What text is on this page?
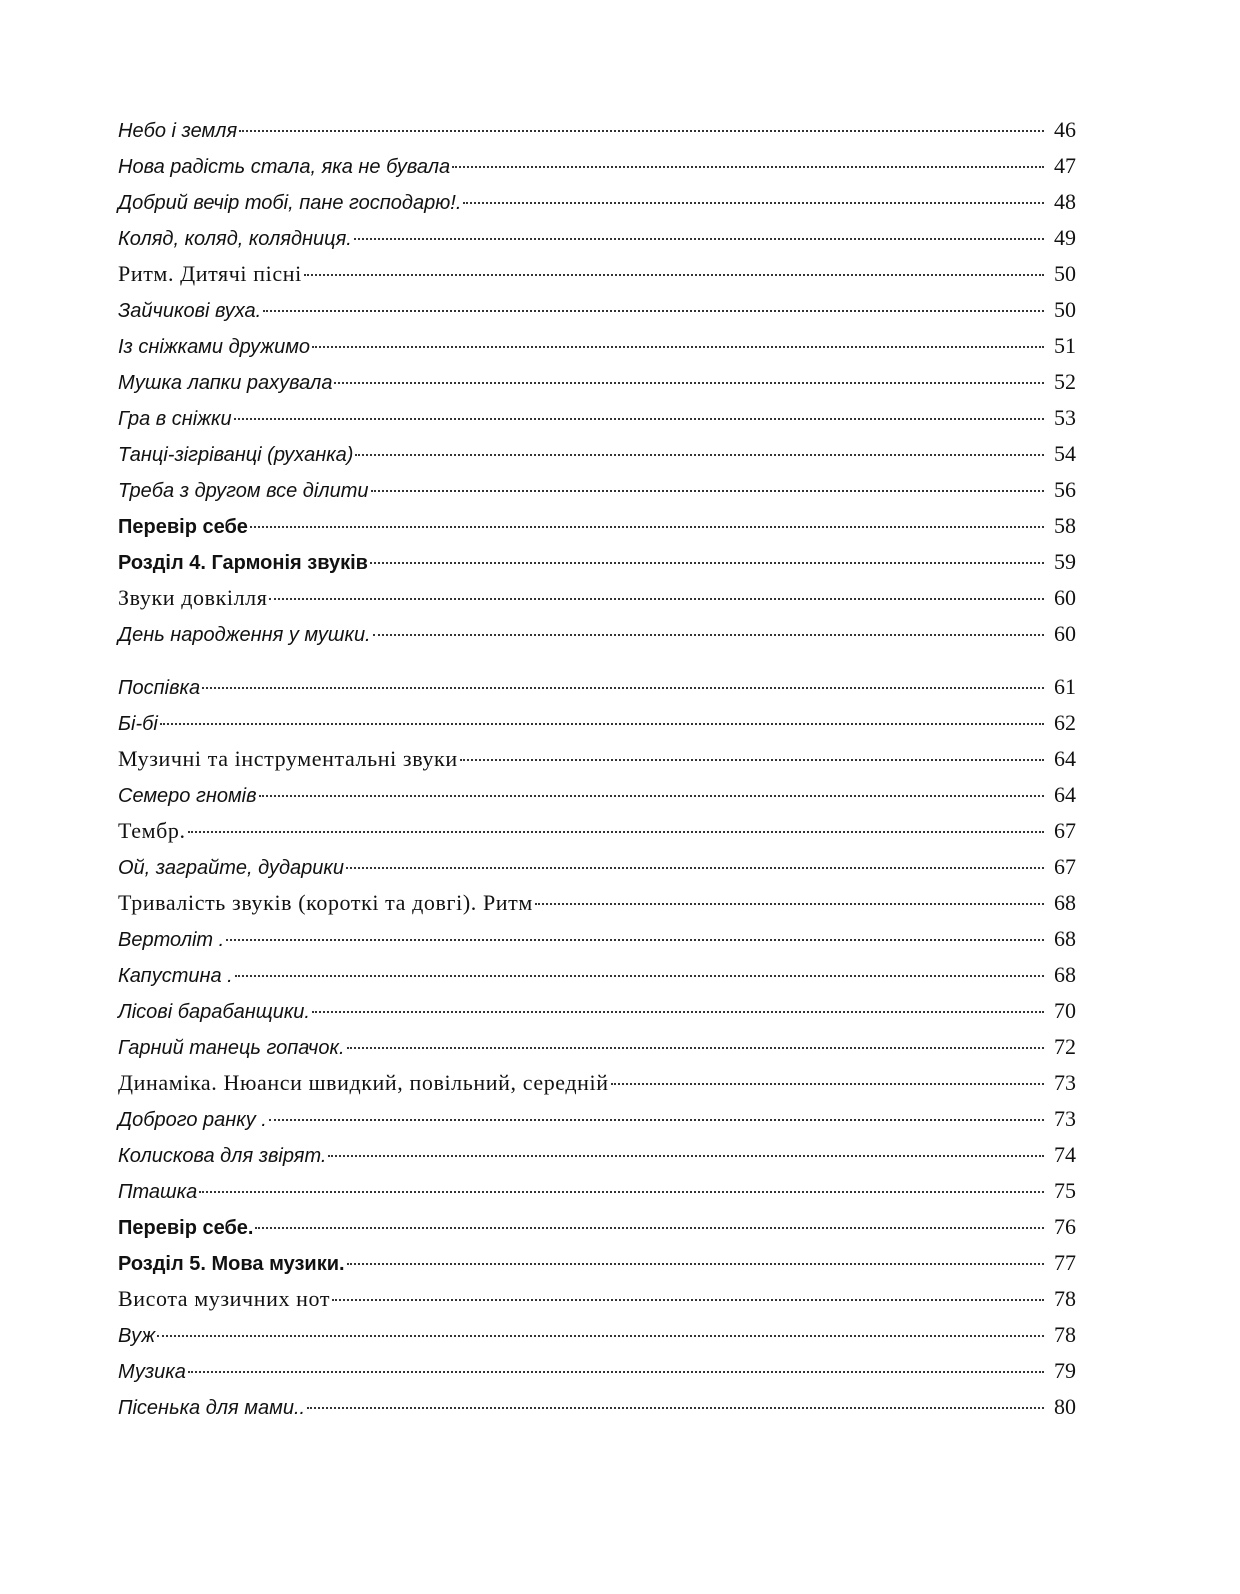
Небо і земля	46
Нова радість стала, яка не бувала	47
Добрий вечір тобі, пане господарю!.	48
Коляд, коляд, колядниця.	49
Ритм. Дитячі пісні	50
Зайчикові вуха.	50
Із сніжками дружимо	51
Мушка лапки рахувала	52
Гра в сніжки	53
Танці-зігріванці (руханка)	54
Треба з другом все ділити	56
Перевір себе	58
Розділ 4. Гармонія звуків	59
Звуки довкілля	60
День народження у мушки.	60
Поспівка	61
Бі-бі	62
Музичні та інструментальні звуки	64
Семеро гномів	64
Тембр.	67
Ой, заграйте, дударики	67
Тривалість звуків (короткі та довгі). Ритм	68
Вертоліт .	68
Капустина .	68
Лісові барабанщики.	70
Гарний танець гопачок.	72
Динаміка. Нюанси швидкий, повільний, середній	73
Доброго ранку .	73
Колискова для звірят.	74
Пташка	75
Перевір себе.	76
Розділ 5. Мова музики.	77
Висота музичних нот	78
Вуж	78
Музика	79
Пісенька для мами..	80
